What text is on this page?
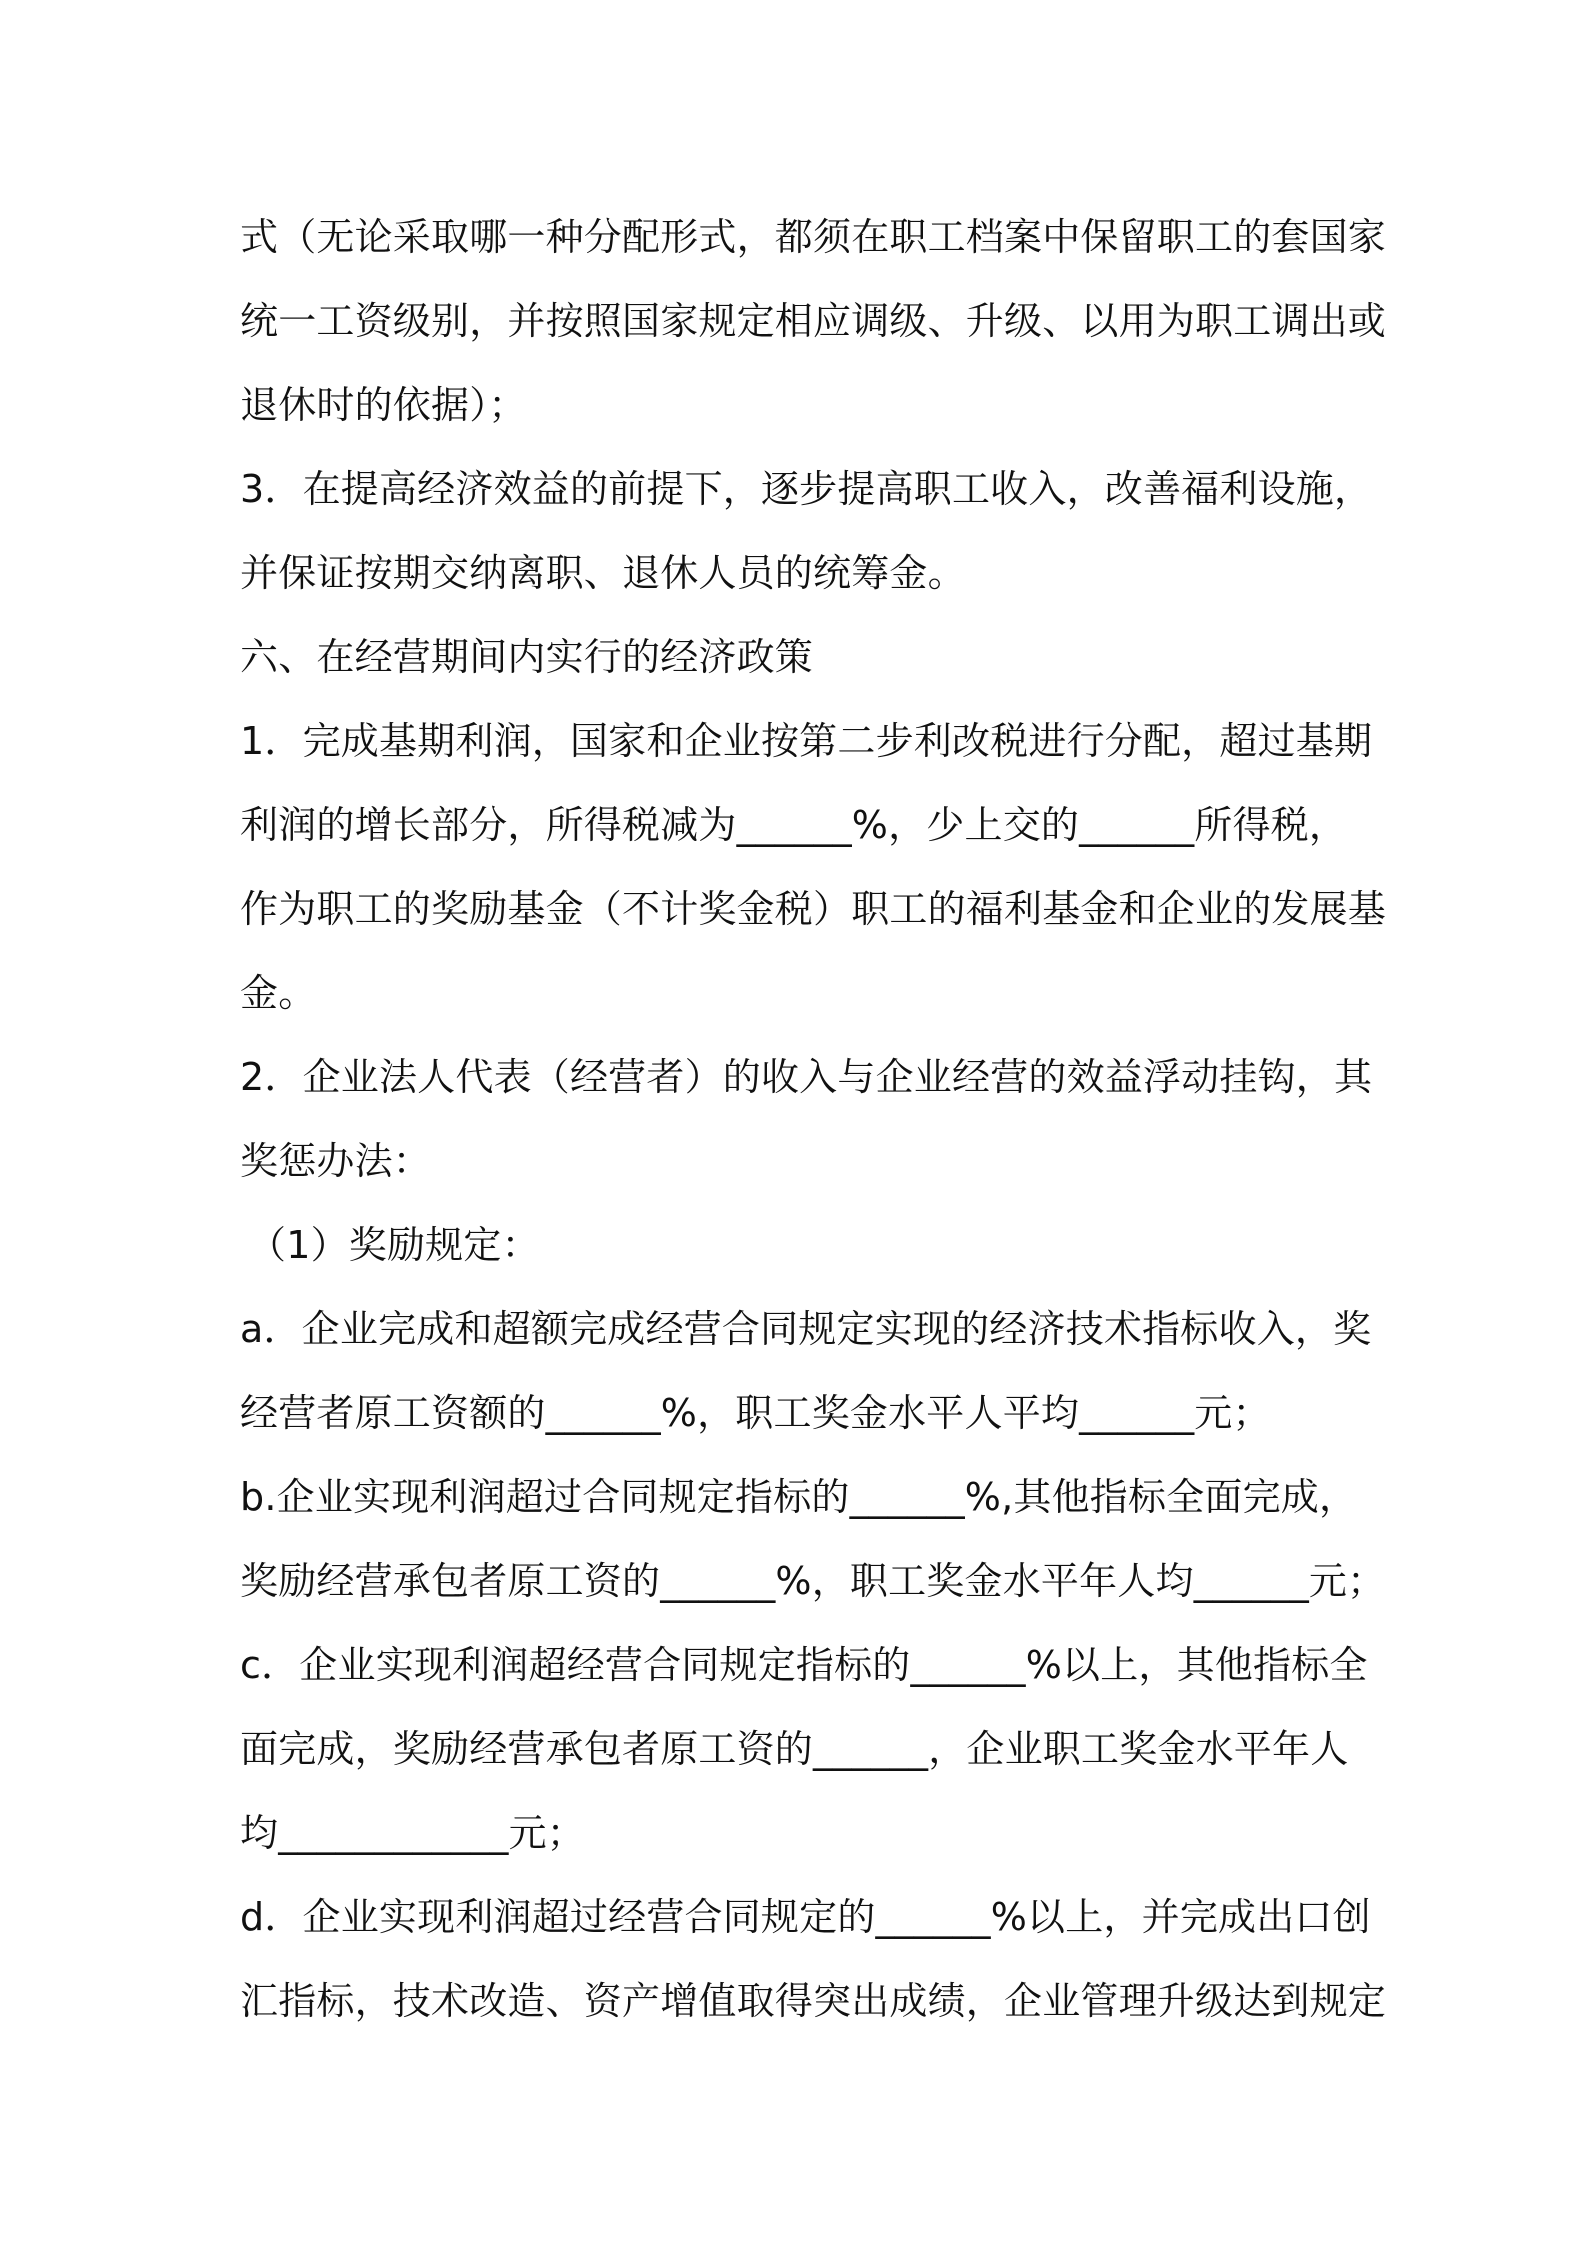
式（无论采取哪一种分配形式，都须在职工档案中保留职工的套国家
统一工资级别，并按照国家规定相应调级、升级、以用为职工调出或
退休时的依据）；
3．在提高经济效益的前提下，逐步提高职工收入，改善福利设施，
并保证按期交纳离职、退休人员的统筹金。
六、在经营期间内实行的经济政策
1．完成基期利润，国家和企业按第二步利改税进行分配，超过基期
利润的增长部分，所得税减为______%，少上交的______所得税，
作为职工的奖励基金（不计奖金税）职工的福利基金和企业的发展基
金。
2．企业法人代表（经营者）的收入与企业经营的效益浮动挂钩，其
奖惩办法：
（1）奖励规定：
a．企业完成和超额完成经营合同规定实现的经济技术指标收入，奖
经营者原工资额的______%，职工奖金水平人平均______元；
b.企业实现利润超过合同规定指标的______%,其他指标全面完成，
奖励经营承包者原工资的______%，职工奖金水平年人均______元；
c．企业实现利润超经营合同规定指标的______%以上，其他指标全
面完成，奖励经营承包者原工资的______，企业职工奖金水平年人
均____________元；
d．企业实现利润超过经营合同规定的______%以上，并完成出口创
汇指标，技术改造、资产增值取得突出成绩，企业管理升级达到规定
